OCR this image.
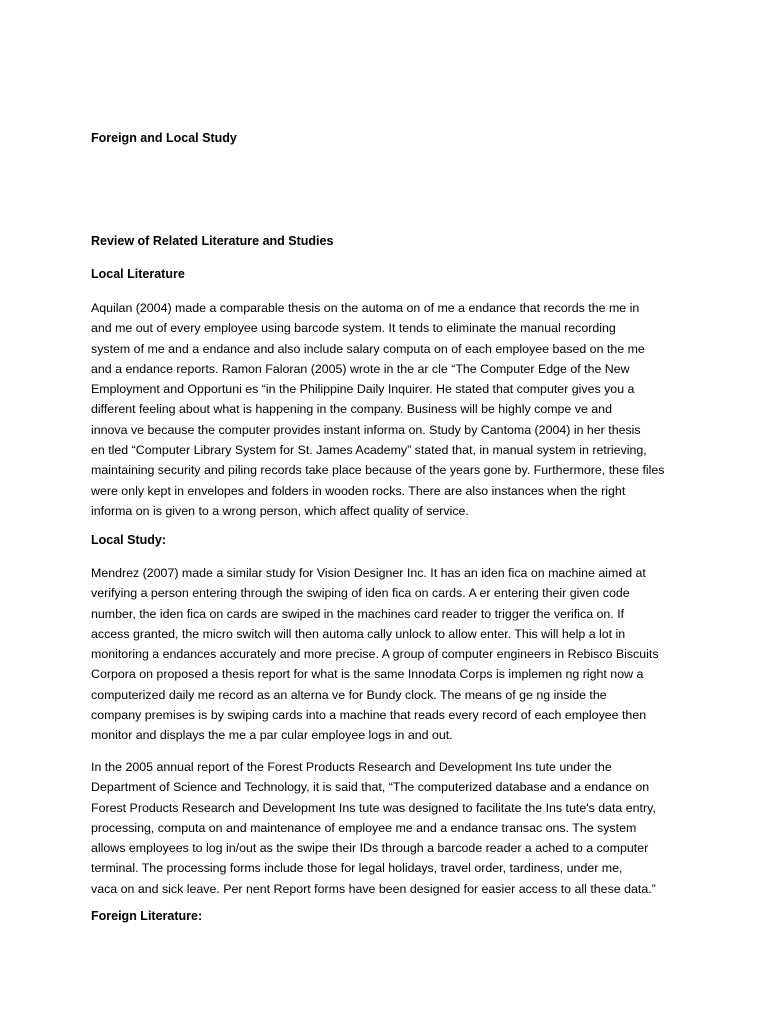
Foreign and Local Study
Review of Related Literature and Studies
Local Literature

Aquilan (2004) made a comparable thesis on the automa on of me a endance that records the me in
and me out of every employee using barcode system. It tends to eliminate the manual recording
system of me and a endance and also include salary computa on of each employee based on the me
and a endance reports. Ramon Faloran (2005) wrote in the ar cle “The Computer Edge of the New
Employment and Opportuni es “in the Philippine Daily Inquirer. He stated that computer gives you a
different feeling about what is happening in the company. Business will be highly compe ve and
innova ve because the computer provides instant informa on. Study by Cantoma (2004) in her thesis
en tled “Computer Library System for St. James Academy” stated that, in manual system in retrieving,
maintaining security and piling records take place because of the years gone by. Furthermore, these files
were only kept in envelopes and folders in wooden rocks. There are also instances when the right
informa on is given to a wrong person, which affect quality of service.

Local Study:

Mendrez (2007) made a similar study for Vision Designer Inc. It has an iden fica on machine aimed at
verifying a person entering through the swiping of iden fica on cards. A er entering their given code
number, the iden fica on cards are swiped in the machines card reader to trigger the verifica on. If
access granted, the micro switch will then automa cally unlock to allow enter. This will help a lot in
monitoring a endances accurately and more precise. A group of computer engineers in Rebisco Biscuits
Corpora on proposed a thesis report for what is the same Innodata Corps is implemen ng right now a
computerized daily me record as an alterna ve for Bundy clock. The means of ge ng inside the
company premises is by swiping cards into a machine that reads every record of each employee then
monitor and displays the me a par cular employee logs in and out.

In the 2005 annual report of the Forest Products Research and Development Ins tute under the
Department of Science and Technology, it is said that, “The computerized database and a endance on
Forest Products Research and Development Ins tute was designed to facilitate the Ins tute's data entry,
processing, computa on and maintenance of employee me and a endance transac ons. The system
allows employees to log in/out as the swipe their IDs through a barcode reader a ached to a computer
terminal. The processing forms include those for legal holidays, travel order, tardiness, under me,
vaca on and sick leave. Per nent Report forms have been designed for easier access to all these data.”

Foreign Literature:
